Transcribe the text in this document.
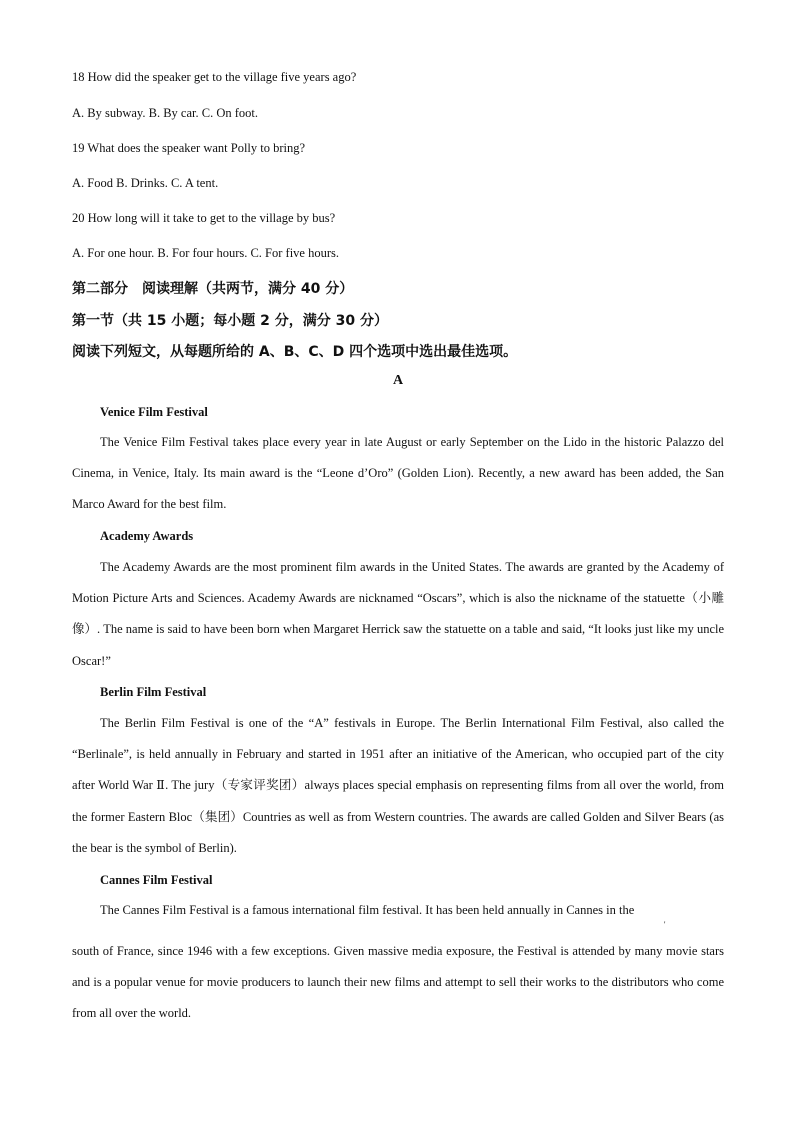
18 How did the speaker get to the village five years ago?
A. By subway. B. By car. C. On foot.
19 What does the speaker want Polly to bring?
A. Food B. Drinks. C. A tent.
20 How long will it take to get to the village by bus?
A. For one hour. B. For four hours. C. For five hours.
第二部分　阅读理解（共两节，满分 40 分）
第一节（共 15 小题；每小题 2 分，满分 30 分）
阅读下列短文，从每题所给的 A、B、C、D 四个选项中选出最佳选项。
A
Venice Film Festival
The Venice Film Festival takes place every year in late August or early September on the Lido in the historic Palazzo del Cinema, in Venice, Italy. Its main award is the “Leone d’Oro” (Golden Lion). Recently, a new award has been added, the San Marco Award for the best film.
Academy Awards
The Academy Awards are the most prominent film awards in the United States. The awards are granted by the Academy of Motion Picture Arts and Sciences. Academy Awards are nicknamed “Oscars”, which is also the nickname of the statuette（小雕像）. The name is said to have been born when Margaret Herrick saw the statuette on a table and said, “It looks just like my uncle Oscar!”
Berlin Film Festival
The Berlin Film Festival is one of the “A” festivals in Europe. The Berlin International Film Festival, also called the “Berlinale”, is held annually in February and started in 1951 after an initiative of the American, who occupied part of the city after World War Ⅱ. The jury（专家评奖团）always places special emphasis on representing films from all over the world, from the former Eastern Bloc（集团）Countries as well as from Western countries. The awards are called Golden and Silver Bears (as the bear is the symbol of Berlin).
Cannes Film Festival
The Cannes Film Festival is a famous international film festival. It has been held annually in Cannes in the
'
south of France, since 1946 with a few exceptions. Given massive media exposure, the Festival is attended by many movie stars and is a popular venue for movie producers to launch their new films and attempt to sell their works to the distributors who come from all over the world.
